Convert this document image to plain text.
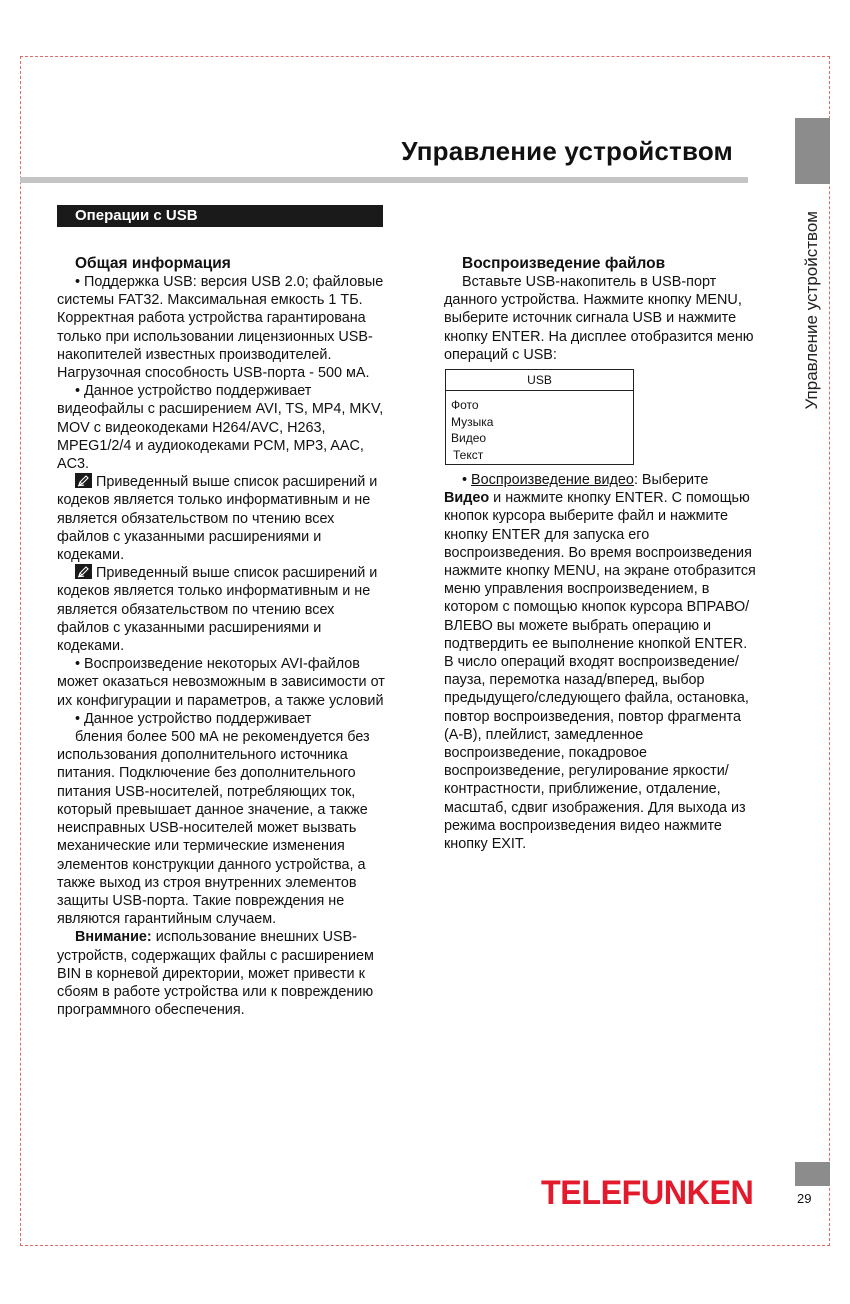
Управление устройством
Управление устройством
Операции с USB
Общая информация

• Поддержка USB: версия USB 2.0; файловые системы FAT32. Максимальная емкость 1 ТБ. Корректная работа устройства гарантирована только при использовании лицензионных USB-накопителей известных производителей. Нагрузочная способность USB-порта - 500 мА.

• Данное устройство поддерживает видеофайлы с расширением AVI, TS, MP4, MKV, MOV с видеокодеками H264/AVC, H263, MPEG1/2/4 и аудиокодеками PCM, MP3, AAC, AC3.

Приведенный выше список расширений и кодеков является только информативным и не является обязательством по чтению всех файлов с указанными расширениями и кодеками.

Приведенный выше список расширений и кодеков является только информативным и не является обязательством по чтению всех файлов с указанными расширениями и кодеками.

• Воспроизведение некоторых AVI-файлов может оказаться невозможным в зависимости от их конфигурации и параметров, а также условий

• Данное устройство поддерживает

бления более 500 мА не рекомендуется без использования дополнительного источника питания. Подключение без дополнительного питания USB-носителей, потребляющих ток, который превышает данное значение, а также неисправных USB-носителей может вызвать механические или термические изменения элементов конструкции данного устройства, а также выход из строя внутренних элементов защиты USB-порта. Такие повреждения не являются гарантийным случаем.

Внимание: использование внешних USB-устройств, содержащих файлы с расширением BIN в корневой директории, может привести к сбоям в работе устройства или к повреждению программного обеспечения.

Воспроизведение файлов

Вставьте USB-накопитель в USB-порт данного устройства. Нажмите кнопку MENU, выберите источник сигнала USB и нажмите кнопку ENTER. На дисплее отобразится меню операций с USB:

USB
Фото
Музыка
Видео
Текст

• Воспроизведение видео: Выберите Видео и нажмите кнопку ENTER. С помощью кнопок курсора выберите файл и нажмите кнопку ENTER для запуска его воспроизведения. Во время воспроизведения нажмите кнопку MENU, на экране отобразится меню управления воспроизведением, в котором с помощью кнопок курсора ВПРАВО/ВЛЕВО вы можете выбрать операцию и подтвердить ее выполнение кнопкой ENTER. В число операций входят воспроизведение/пауза, перемотка назад/вперед, выбор предыдущего/следующего файла, остановка, повтор воспроизведения, повтор фрагмента (A-B), плейлист, замедленное воспроизведение, покадровое воспроизведение, регулирование яркости/контрастности, приближение, отдаление, масштаб, сдвиг изображения. Для выхода из режима воспроизведения видео нажмите кнопку EXIT.

TELEFUNKEN	29
